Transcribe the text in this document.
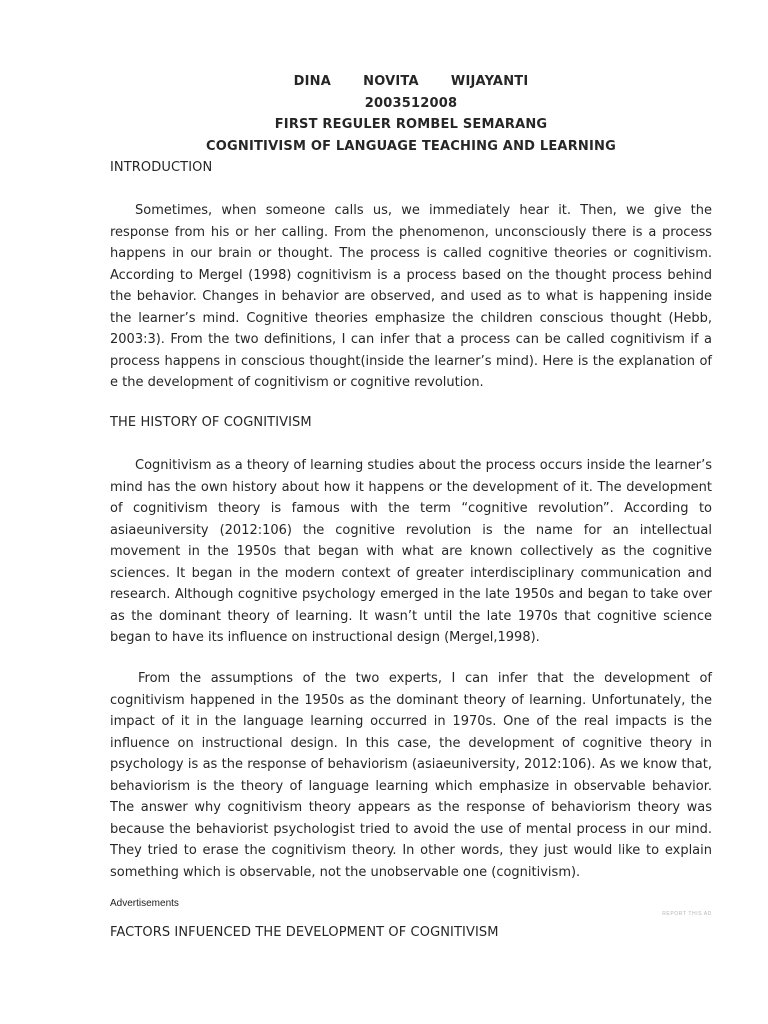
DINA   NOVITA   WIJAYANTI
2003512008
FIRST REGULER ROMBEL SEMARANG
COGNITIVISM OF LANGUAGE TEACHING AND LEARNING
INTRODUCTION

Sometimes, when someone calls us, we immediately hear it. Then, we give the response from his or her calling. From the phenomenon, unconsciously there is a process happens in our brain or thought. The process is called cognitive theories or cognitivism. According to Mergel (1998) cognitivism is a process based on the thought process behind the behavior. Changes in behavior are observed, and used as to what is happening inside the learner’s mind. Cognitive theories emphasize the children conscious thought (Hebb, 2003:3). From the two definitions, I can infer that a process can be called cognitivism if a process happens in conscious thought(inside the learner’s mind). Here is the explanation of e the development of cognitivism or cognitive revolution.

THE HISTORY OF COGNITIVISM

Cognitivism as a theory of learning studies about the process occurs inside the learner’s mind has the own history about how it happens or the development of it. The development of cognitivism theory is famous with the term “cognitive revolution”. According to asiaeuniversity (2012:106) the cognitive revolution is the name for an intellectual movement in the 1950s that began with what are known collectively as the cognitive sciences. It began in the modern context of greater interdisciplinary communication and research. Although cognitive psychology emerged in the late 1950s and began to take over as the dominant theory of learning. It wasn’t until the late 1970s that cognitive science began to have its influence on instructional design (Mergel,1998).

From the assumptions of the two experts, I can infer that the development of cognitivism happened in the 1950s as the dominant theory of learning. Unfortunately, the impact of it in the language learning occurred in 1970s. One of the real impacts is the influence on instructional design. In this case, the development of cognitive theory in psychology is as the response of behaviorism (asiaeuniversity, 2012:106). As we know that, behaviorism is the theory of language learning which emphasize in observable behavior. The answer why cognitivism theory appears as the response of behaviorism theory was because the behaviorist psychologist tried to avoid the use of mental process in our mind. They tried to erase the cognitivism theory. In other words, they just would like to explain something which is observable, not the unobservable one (cognitivism).

Advertisements
REPORT THIS AD
FACTORS INFUENCED THE DEVELOPMENT OF COGNITIVISM
